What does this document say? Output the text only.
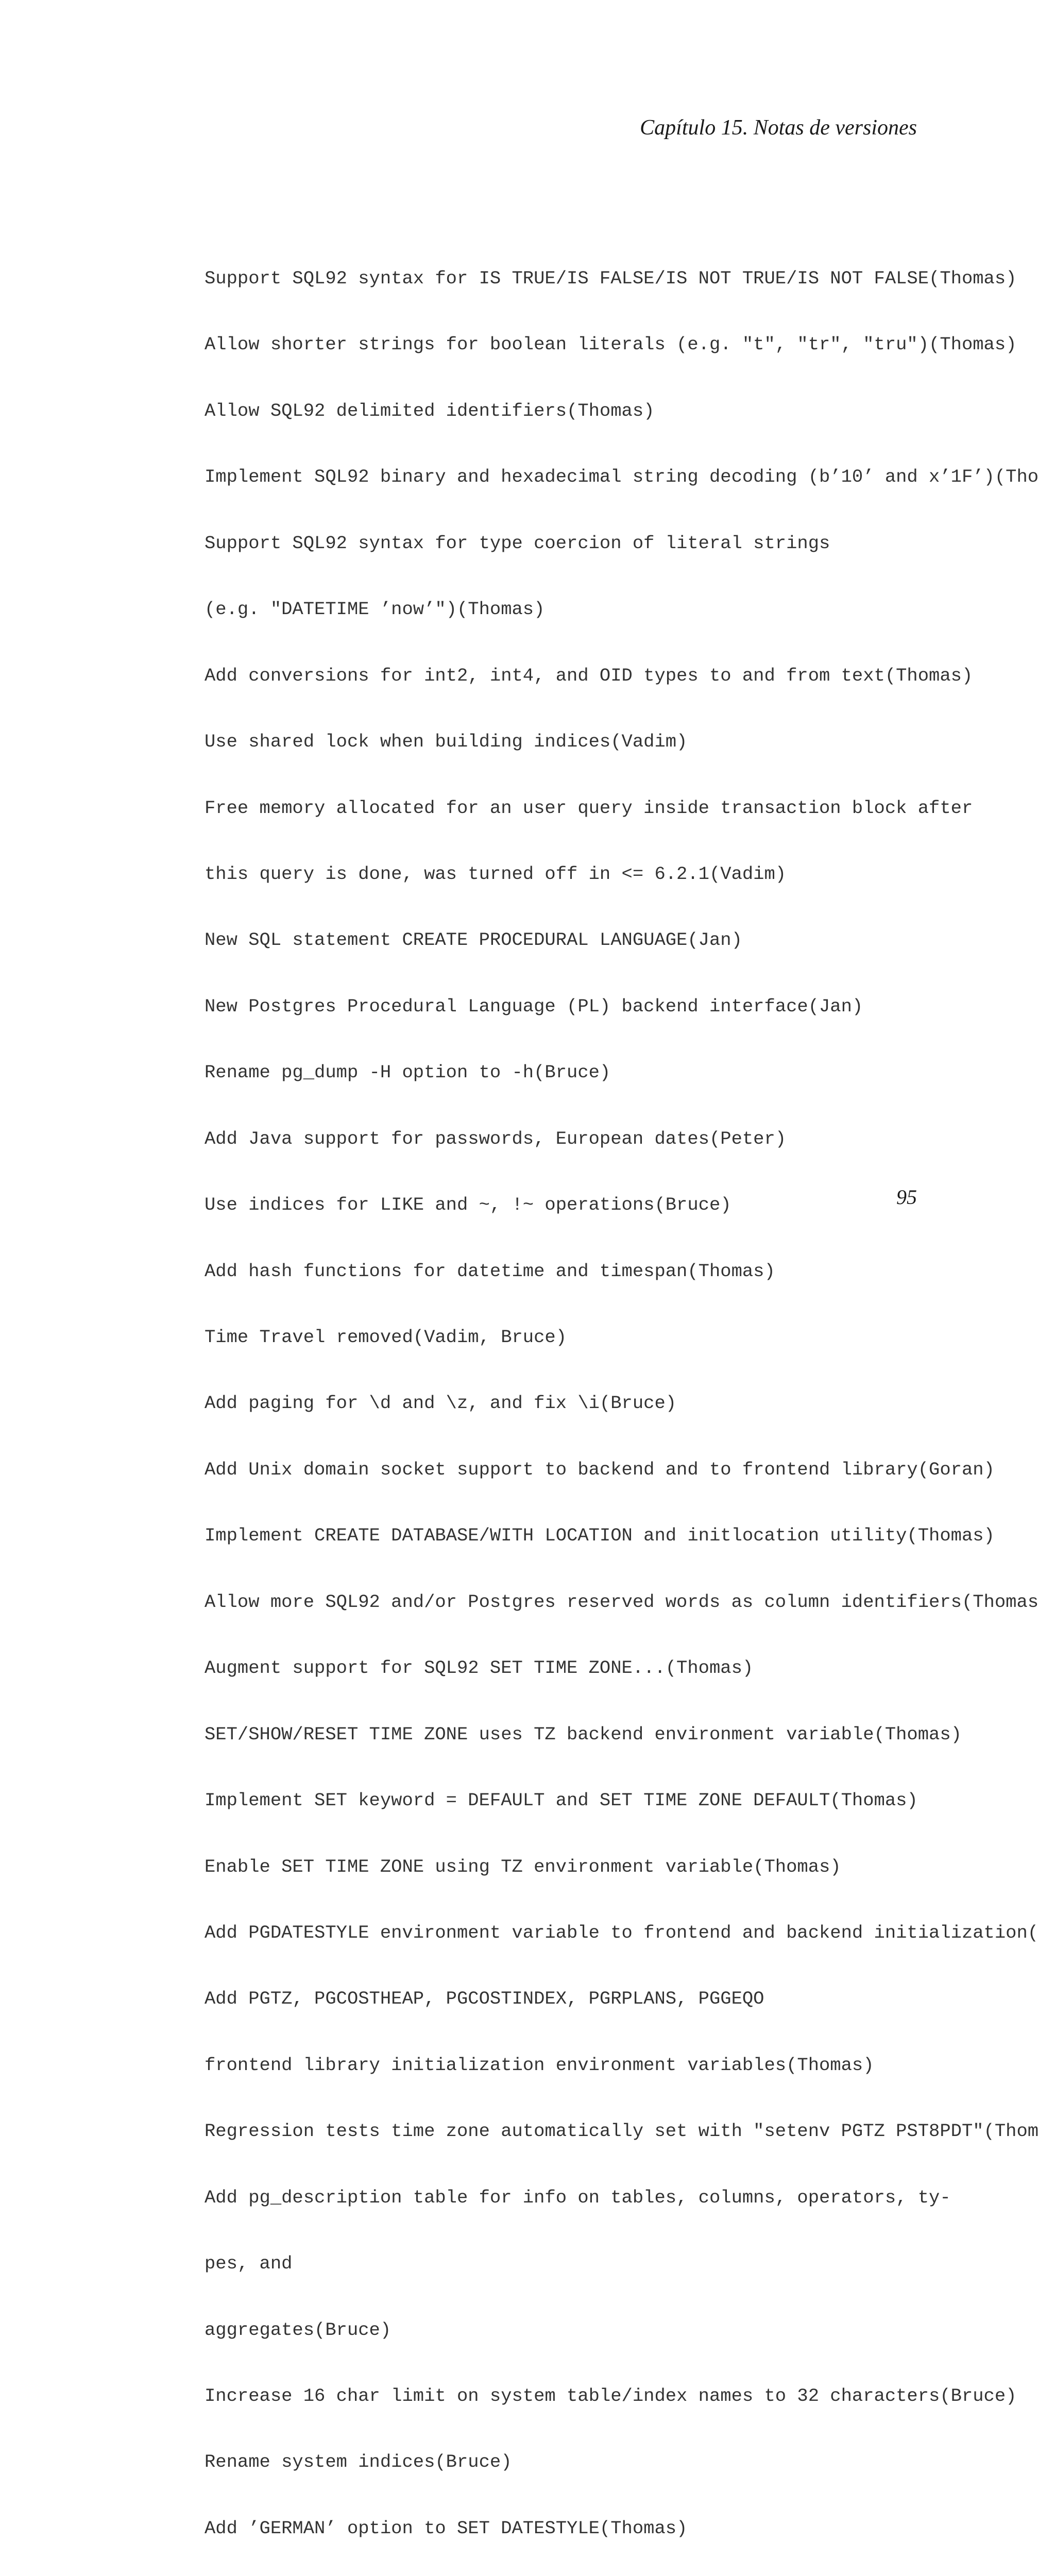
Capítulo 15. Notas de versiones

Support SQL92 syntax for IS TRUE/IS FALSE/IS NOT TRUE/IS NOT FALSE(Thomas)

Allow shorter strings for boolean literals (e.g. "t", "tr", "tru")(Thomas)

Allow SQL92 delimited identifiers(Thomas)

Implement SQL92 binary and hexadecimal string decoding (b’10’ and x’1F’)(Tho

Support SQL92 syntax for type coercion of literal strings

(e.g. "DATETIME ’now’")(Thomas)

Add conversions for int2, int4, and OID types to and from text(Thomas)

Use shared lock when building indices(Vadim)

Free memory allocated for an user query inside transaction block after

this query is done, was turned off in <= 6.2.1(Vadim)

New SQL statement CREATE PROCEDURAL LANGUAGE(Jan)

New Postgres Procedural Language (PL) backend interface(Jan)

Rename pg_dump -H option to -h(Bruce)

Add Java support for passwords, European dates(Peter)

Use indices for LIKE and ~, !~ operations(Bruce)

Add hash functions for datetime and timespan(Thomas)

Time Travel removed(Vadim, Bruce)

Add paging for \d and \z, and fix \i(Bruce)

Add Unix domain socket support to backend and to frontend library(Goran)

Implement CREATE DATABASE/WITH LOCATION and initlocation utility(Thomas)

Allow more SQL92 and/or Postgres reserved words as column identifiers(Thomas

Augment support for SQL92 SET TIME ZONE...(Thomas)

SET/SHOW/RESET TIME ZONE uses TZ backend environment variable(Thomas)

Implement SET keyword = DEFAULT and SET TIME ZONE DEFAULT(Thomas)

Enable SET TIME ZONE using TZ environment variable(Thomas)

Add PGDATESTYLE environment variable to frontend and backend initialization(

Add PGTZ, PGCOSTHEAP, PGCOSTINDEX, PGRPLANS, PGGEQO

frontend library initialization environment variables(Thomas)

Regression tests time zone automatically set with "setenv PGTZ PST8PDT"(Thom

Add pg_description table for info on tables, columns, operators, ty-

pes, and

aggregates(Bruce)

Increase 16 char limit on system table/index names to 32 characters(Bruce)

Rename system indices(Bruce)

Add ’GERMAN’ option to SET DATESTYLE(Thomas)

95
